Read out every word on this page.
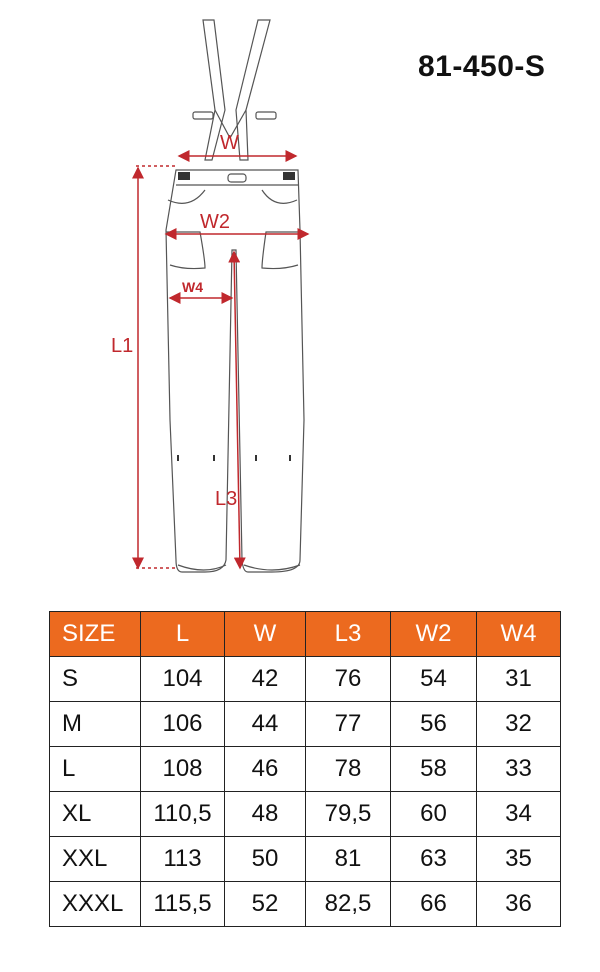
81-450-S
W
W2
W4
L1
L3
SIZE	L	W	L3	W2	W4
S	104	42	76	54	31
M	106	44	77	56	32
L	108	46	78	58	33
XL	110,5	48	79,5	60	34
XXL	113	50	81	63	35
XXXL	115,5	52	82,5	66	36
